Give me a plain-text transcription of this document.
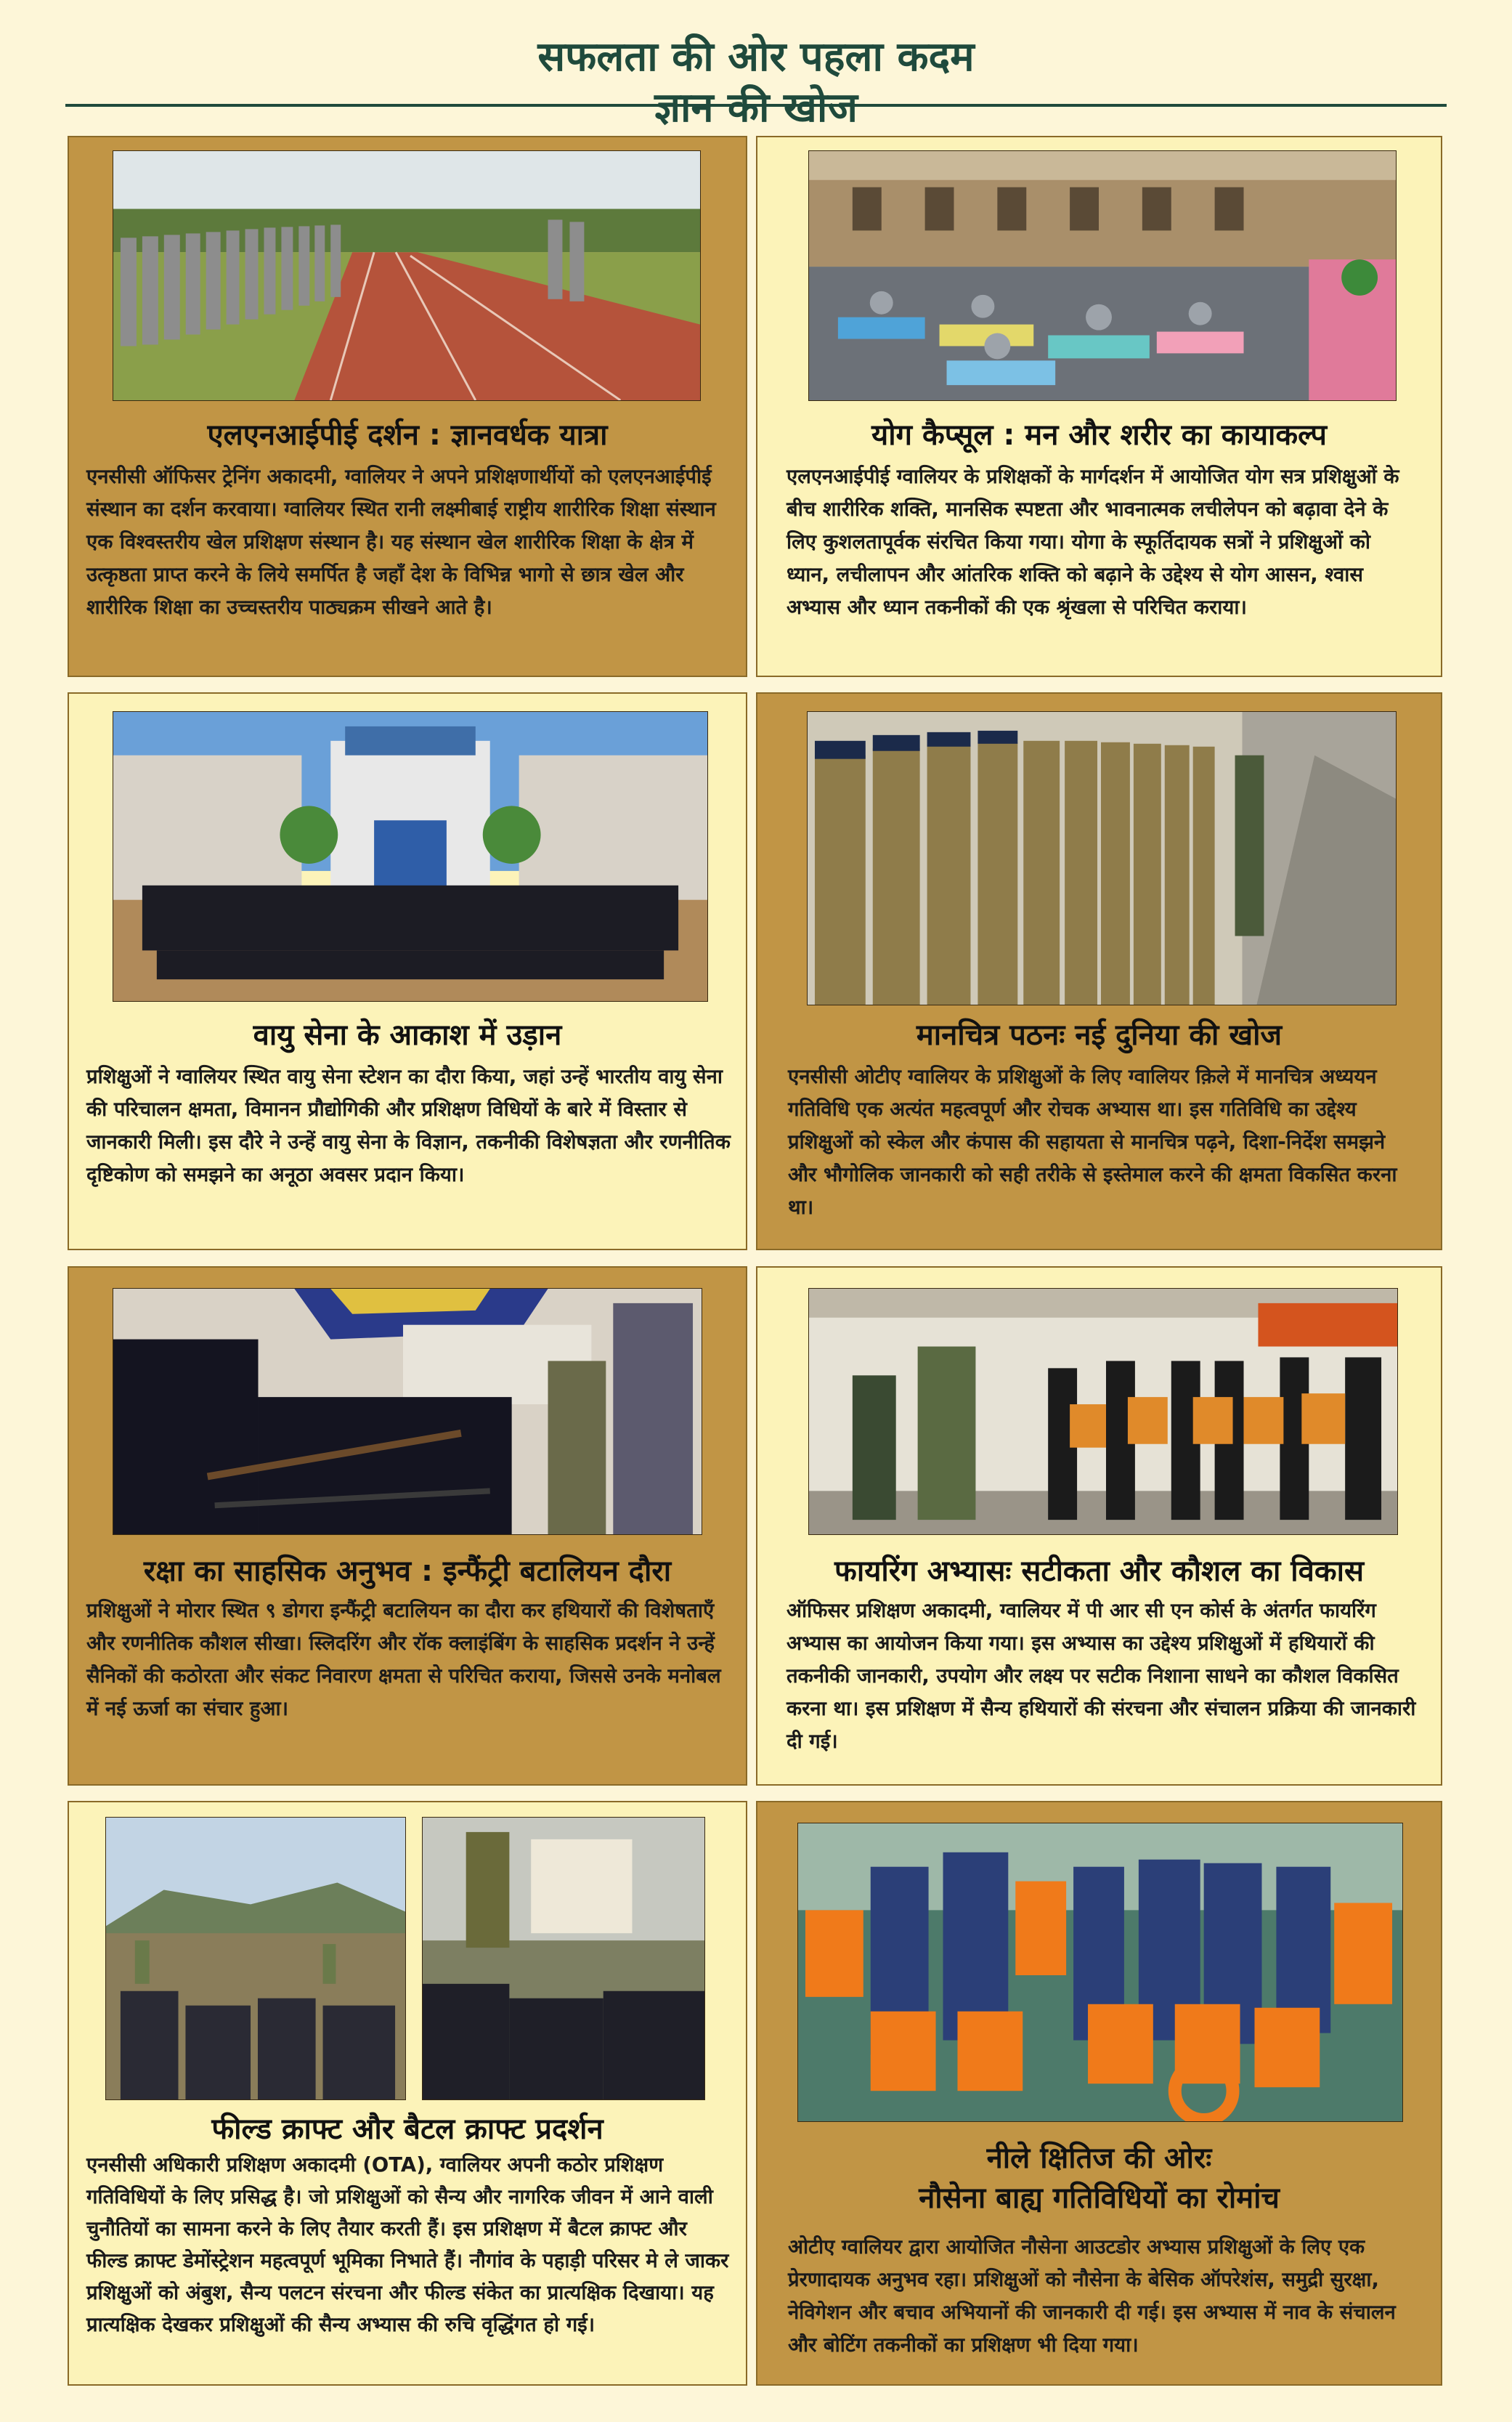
सफलता की ओर पहला कदम
ज्ञान की खोज
एलएनआईपीई दर्शन : ज्ञानवर्धक यात्रा
एनसीसी ऑफिसर ट्रेनिंग अकादमी, ग्वालियर ने अपने प्रशिक्षणार्थीयों को एलएनआईपीई संस्थान का दर्शन करवाया। ग्वालियर स्थित रानी लक्ष्मीबाई राष्ट्रीय शारीरिक शिक्षा संस्थान एक विश्वस्तरीय खेल प्रशिक्षण संस्थान है। यह संस्थान खेल शारीरिक शिक्षा के क्षेत्र में उत्कृष्ठता प्राप्त करने के लिये समर्पित है जहाँ देश के विभिन्न भागो से छात्र खेल और शारीरिक शिक्षा का उच्चस्तरीय पाठ्यक्रम सीखने आते है।
योग कैप्सूल : मन और शरीर का कायाकल्प
एलएनआईपीई ग्वालियर के प्रशिक्षकों के मार्गदर्शन में आयोजित योग सत्र प्रशिक्षुओं के बीच शारीरिक शक्ति, मानसिक स्पष्टता और भावनात्मक लचीलेपन को बढ़ावा देने के लिए कुशलतापूर्वक संरचित किया गया। योगा के स्फूर्तिदायक सत्रों ने प्रशिक्षुओं को ध्यान, लचीलापन और आंतरिक शक्ति को बढ़ाने के उद्देश्य से योग आसन, श्वास अभ्यास और ध्यान तकनीकों की एक श्रृंखला से परिचित कराया।
वायु सेना के आकाश में उड़ान
प्रशिक्षुओं ने ग्वालियर स्थित वायु सेना स्टेशन का दौरा किया, जहां उन्हें भारतीय वायु सेना की परिचालन क्षमता, विमानन प्रौद्योगिकी और प्रशिक्षण विधियों के बारे में विस्तार से जानकारी मिली। इस दौरे ने उन्हें वायु सेना के विज्ञान, तकनीकी विशेषज्ञता और रणनीतिक दृष्टिकोण को समझने का अनूठा अवसर प्रदान किया।
मानचित्र पठनः नई दुनिया की खोज
एनसीसी ओटीए ग्वालियर के प्रशिक्षुओं के लिए ग्वालियर क़िले में मानचित्र अध्ययन गतिविधि एक अत्यंत महत्वपूर्ण और रोचक अभ्यास था। इस गतिविधि का उद्देश्य प्रशिक्षुओं को स्केल और कंपास की सहायता से मानचित्र पढ़ने, दिशा-निर्देश समझने और भौगोलिक जानकारी को सही तरीके से इस्तेमाल करने की क्षमता विकसित करना था।
रक्षा का साहसिक अनुभव : इन्फैंट्री बटालियन दौरा
प्रशिक्षुओं ने मोरार स्थित ९ डोगरा इन्फैंट्री बटालियन का दौरा कर हथियारों की विशेषताएँ और रणनीतिक कौशल सीखा। स्लिदरिंग और रॉक क्लाइंबिंग के साहसिक प्रदर्शन ने उन्हें सैनिकों की कठोरता और संकट निवारण क्षमता से परिचित कराया, जिससे उनके मनोबल में नई ऊर्जा का संचार हुआ।
फायरिंग अभ्यासः सटीकता और कौशल का विकास
ऑफिसर प्रशिक्षण अकादमी, ग्वालियर में पी आर सी एन कोर्स के अंतर्गत फायरिंग अभ्यास का आयोजन किया गया। इस अभ्यास का उद्देश्य प्रशिक्षुओं में हथियारों की तकनीकी जानकारी, उपयोग और लक्ष्य पर सटीक निशाना साधने का कौशल विकसित करना था। इस प्रशिक्षण में सैन्य हथियारों की संरचना और संचालन प्रक्रिया की जानकारी दी गई।
फील्ड क्राफ्ट और बैटल क्राफ्ट प्रदर्शन
एनसीसी अधिकारी प्रशिक्षण अकादमी (OTA), ग्वालियर अपनी कठोर प्रशिक्षण गतिविधियों के लिए प्रसिद्ध है। जो प्रशिक्षुओं को सैन्य और नागरिक जीवन में आने वाली चुनौतियों का सामना करने के लिए तैयार करती हैं। इस प्रशिक्षण में बैटल क्राफ्ट और फील्ड क्राफ्ट डेमोंस्ट्रेशन महत्वपूर्ण भूमिका निभाते हैं। नौगांव के पहाड़ी परिसर मे ले जाकर प्रशिक्षुओं को अंबुश, सैन्य पलटन संरचना और फील्ड संकेत का प्रात्यक्षिक दिखाया। यह प्रात्यक्षिक देखकर प्रशिक्षुओं की सैन्य अभ्यास की रुचि वृद्धिंगत हो गई।
नीले क्षितिज की ओरः
नौसेना बाह्य गतिविधियों का रोमांच
ओटीए ग्वालियर द्वारा आयोजित नौसेना आउटडोर अभ्यास प्रशिक्षुओं के लिए एक प्रेरणादायक अनुभव रहा। प्रशिक्षुओं को नौसेना के बेसिक ऑपरेशंस, समुद्री सुरक्षा, नेविगेशन और बचाव अभियानों की जानकारी दी गई। इस अभ्यास में नाव के संचालन और बोटिंग तकनीकों का प्रशिक्षण भी दिया गया।
